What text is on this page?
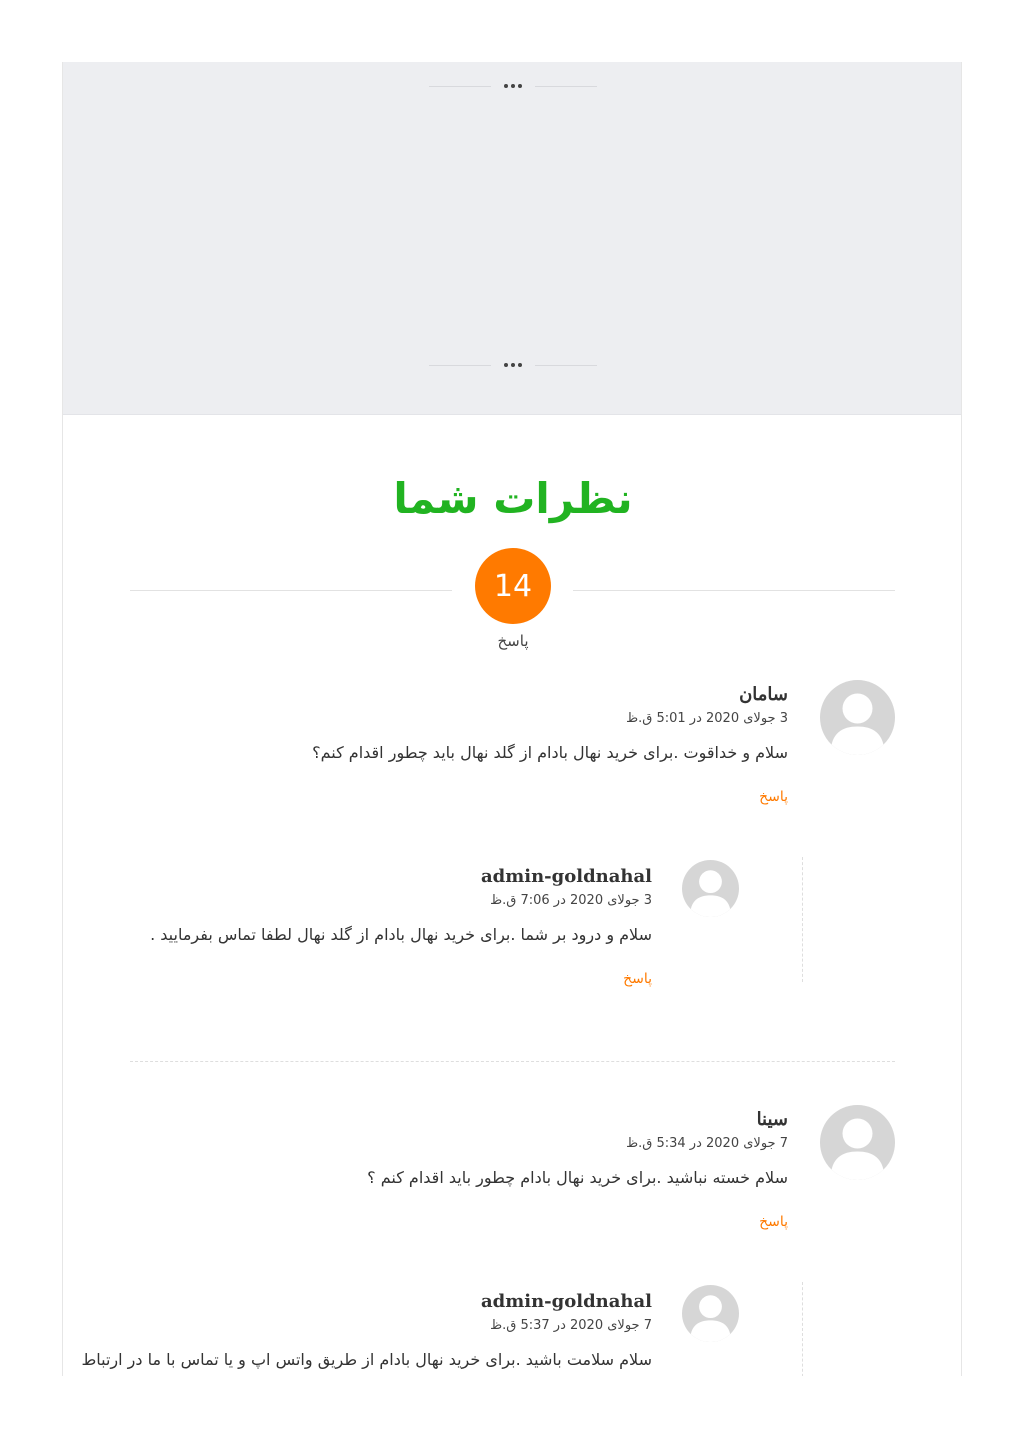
نظرات شما
14
پاسخ
سامان
3 جولای 2020 در 5:01 ق.ظ
سلام و خداقوت .برای خرید نهال بادام از گلد نهال باید چطور اقدام کنم؟
پاسخ
admin-goldnahal
3 جولای 2020 در 7:06 ق.ظ
سلام و درود بر شما .برای خرید نهال بادام از گلد نهال لطفا تماس بفرمایید .
پاسخ
سینا
7 جولای 2020 در 5:34 ق.ظ
سلام خسته نباشید .برای خرید نهال بادام چطور باید اقدام کنم ؟
پاسخ
admin-goldnahal
7 جولای 2020 در 5:37 ق.ظ
سلام سلامت باشید .برای خرید نهال بادام از طریق واتس اپ و یا تماس با ما در ارتباط
